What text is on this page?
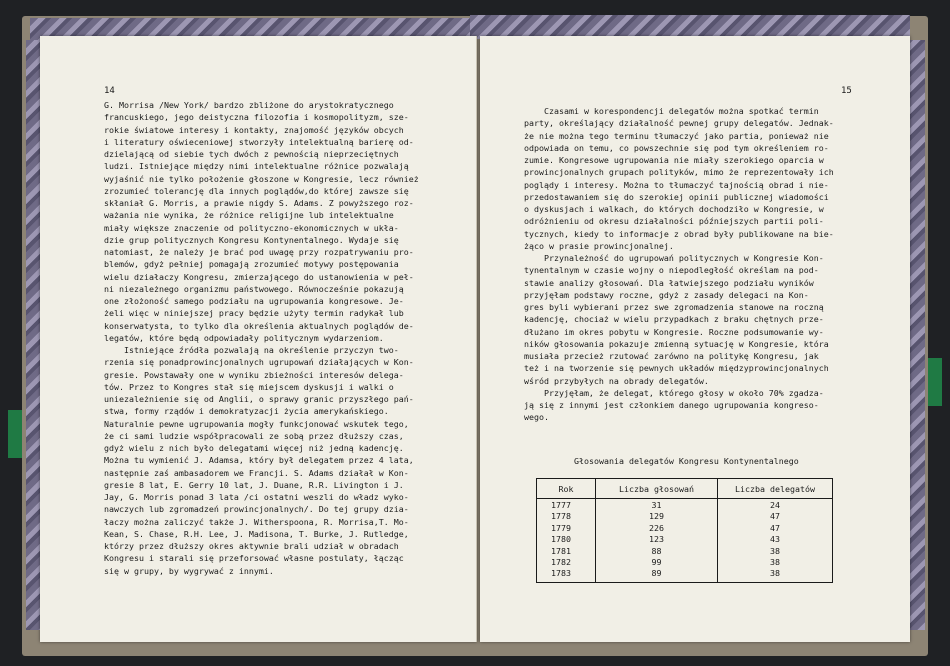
14
G. Morrisa /New York/ bardzo zbliżone do arystokratycznego
francuskiego, jego deistyczna filozofia i kosmopolityzm, sze-
rokie światowe interesy i kontakty, znajomość języków obcych
i literatury oświeceniowej stworzyły intelektualną barierę od-
dzielającą od siebie tych dwóch z pewnością nieprzeciętnych
ludzi. Istniejące między nimi intelektualne różnice pozwalają
wyjaśnić nie tylko położenie głoszone w Kongresie, lecz również
zrozumieć tolerancję dla innych poglądów,do której zawsze się
skłaniał G. Morris, a prawie nigdy S. Adams. Z powyższego roz-
ważania nie wynika, że różnice religijne lub intelektualne
miały większe znaczenie od polityczno-ekonomicznych w ukła-
dzie grup politycznych Kongresu Kontynentalnego. Wydaje się
natomiast, że należy je brać pod uwagę przy rozpatrywaniu pro-
blemów, gdyż pełniej pomagają zrozumieć motywy postępowania
wielu działaczy Kongresu, zmierzającego do ustanowienia w peł-
ni niezależnego organizmu państwowego. Równocześnie pokazują
one złożoność samego podziału na ugrupowania kongresowe. Je-
żeli więc w niniejszej pracy będzie użyty termin radykał lub
konserwatysta, to tylko dla określenia aktualnych poglądów de-
legatów, które będą odpowiadały politycznym wydarzeniom.
Istniejące źródła pozwalają na określenie przyczyn two-
rzenia się ponadprowincjonalnych ugrupowań działających w Kon-
gresie. Powstawały one w wyniku zbieżności interesów delega-
tów. Przez to Kongres stał się miejscem dyskusji i walki o
uniezależnienie się od Anglii, o sprawy granic przyszłego pań-
stwa, formy rządów i demokratyzacji życia amerykańskiego.
Naturalnie pewne ugrupowania mogły funkcjonować wskutek tego,
że ci sami ludzie współpracowali ze sobą przez dłuższy czas,
gdyż wielu z nich było delegatami więcej niż jedną kadencję.
Można tu wymienić J. Adamsa, który był delegatem przez 4 lata,
następnie zaś ambasadorem we Francji. S. Adams działał w Kon-
gresie 8 lat, E. Gerry 10 lat, J. Duane, R.R. Livington i J.
Jay, G. Morris ponad 3 lata /ci ostatni weszli do władz wyko-
nawczych lub zgromadzeń prowincjonalnych/. Do tej grupy dzia-
łaczy można zaliczyć także J. Witherspoona, R. Morrisa,T. Mo-
Kean, S. Chase, R.H. Lee, J. Madisona, T. Burke, J. Rutledge,
którzy przez dłuższy okres aktywnie brali udział w obradach
Kongresu i starali się przeforsować własne postulaty, łącząc
się w grupy, by wygrywać z innymi.
15
Czasami w korespondencji delegatów można spotkać termin
party, określający działalność pewnej grupy delegatów. Jednak-
że nie można tego terminu tłumaczyć jako partia, ponieważ nie
odpowiada on temu, co powszechnie się pod tym określeniem ro-
zumie. Kongresowe ugrupowania nie miały szerokiego oparcia w
prowincjonalnych grupach polityków, mimo że reprezentowały ich
poglądy i interesy. Można to tłumaczyć tajnością obrad i nie-
przedostawaniem się do szerokiej opinii publicznej wiadomości
o dyskusjach i walkach, do których dochodziło w Kongresie, w
odróżnieniu od okresu działalności późniejszych partii poli-
tycznych, kiedy to informacje z obrad były publikowane na bie-
żąco w prasie prowincjonalnej.
Przynależność do ugrupowań politycznych w Kongresie Kon-
tynentalnym w czasie wojny o niepodległość określam na pod-
stawie analizy głosowań. Dla łatwiejszego podziału wyników
przyjęłam podstawy roczne, gdyż z zasady delegaci na Kon-
gres byli wybierani przez swe zgromadzenia stanowe na roczną
kadencję, chociaż w wielu przypadkach z braku chętnych prze-
dłużano im okres pobytu w Kongresie. Roczne podsumowanie wy-
ników głosowania pokazuje zmienną sytuację w Kongresie, która
musiała przecież rzutować zarówno na politykę Kongresu, jak
też i na tworzenie się pewnych układów międzyprowincjonalnych
wśród przybyłych na obrady delegatów.
Przyjęłam, że delegat, którego głosy w około 70% zgadza-
ją się z innymi jest członkiem danego ugrupowania kongreso-
wego.
Głosowania delegatów Kongresu Kontynentalnego
Rok	Liczba głosowań	Liczba delegatów
1777	31	24
1778	129	47
1779	226	47
1780	123	43
1781	88	38
1782	99	38
1783	89	38
